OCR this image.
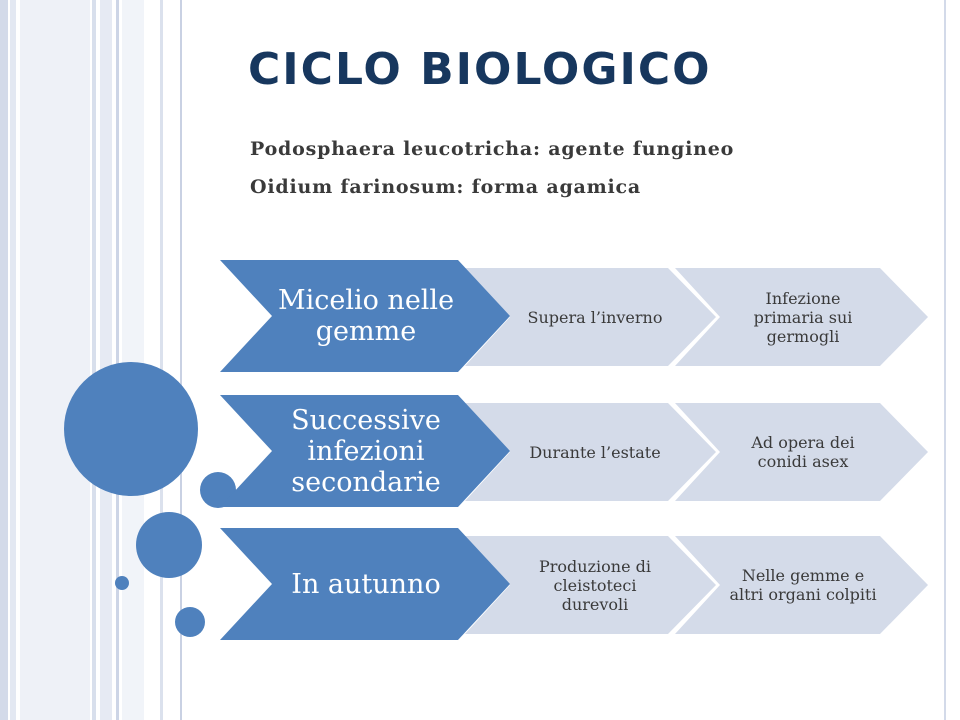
CICLO BIOLOGICO

Podosphaera leucotricha: agente fungineo

Oidium farinosum: forma agamica

Micelio nelle gemme	Supera l’inverno
Infezione primaria sui germogli
Successive infezioni secondarie
Durante l’estate	Ad opera dei conidi asex
In autunno
Produzione di cleistoteci durevoli
Nelle gemme e altri organi colpiti
